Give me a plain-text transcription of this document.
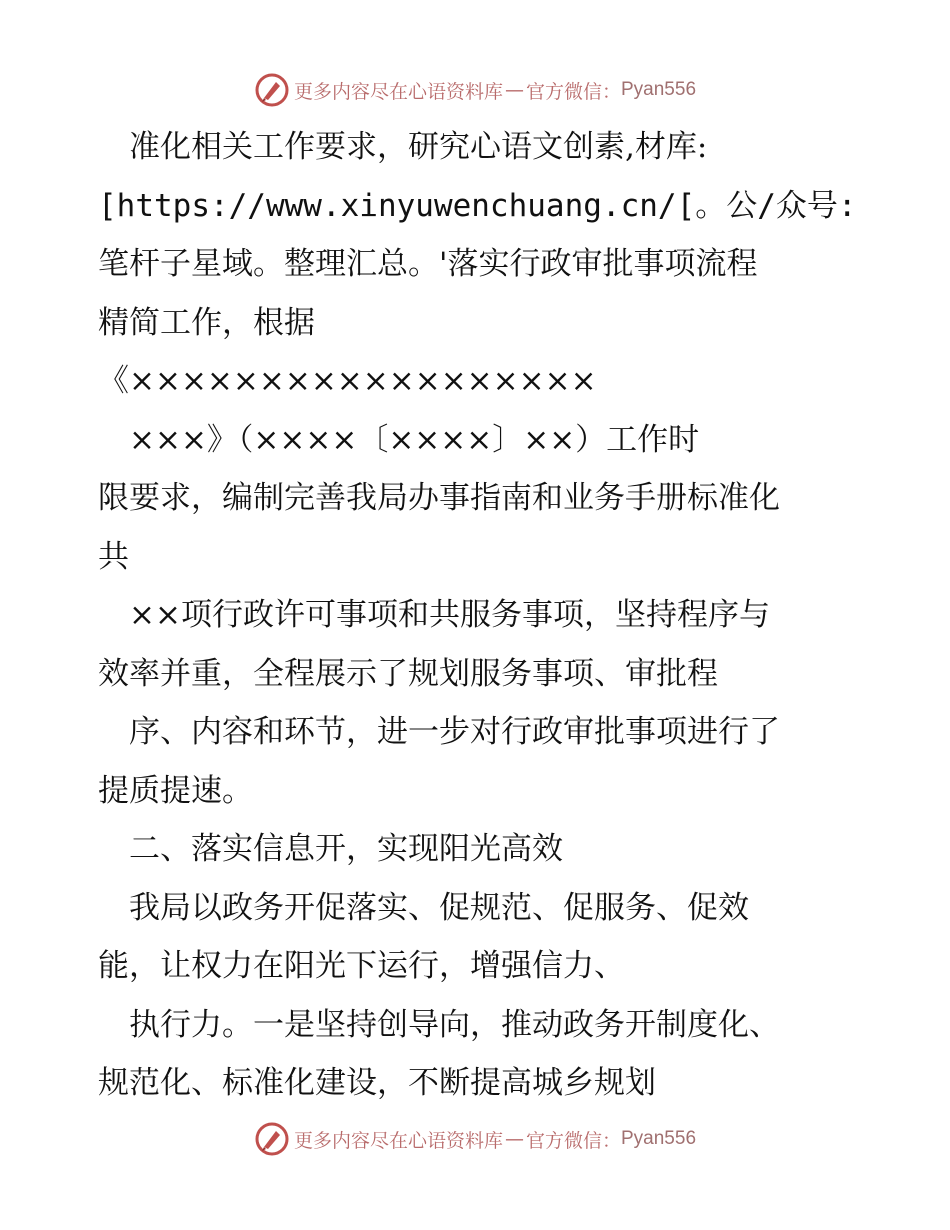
更多内容尽在心语资料库 — 官方微信： Pyan556
　准化相关工作要求，研究心语文创素,材库:
[https://www.xinyuwenchuang.cn/[。公/众号:
笔杆子星域。整理汇总。'落实行政审批事项流程
精简工作，根据
《××××××××××××××××××
　×××》（××××〔××××〕××）工作时
限要求，编制完善我局办事指南和业务手册标准化
共
　××项行政许可事项和共服务事项，坚持程序与
效率并重，全程展示了规划服务事项、审批程
　序、内容和环节，进一步对行政审批事项进行了
提质提速。
　二、落实信息开，实现阳光高效
　我局以政务开促落实、促规范、促服务、促效
能，让权力在阳光下运行，增强信力、
　执行力。一是坚持创导向，推动政务开制度化、
规范化、标准化建设，不断提高城乡规划
更多内容尽在心语资料库 — 官方微信： Pyan556
